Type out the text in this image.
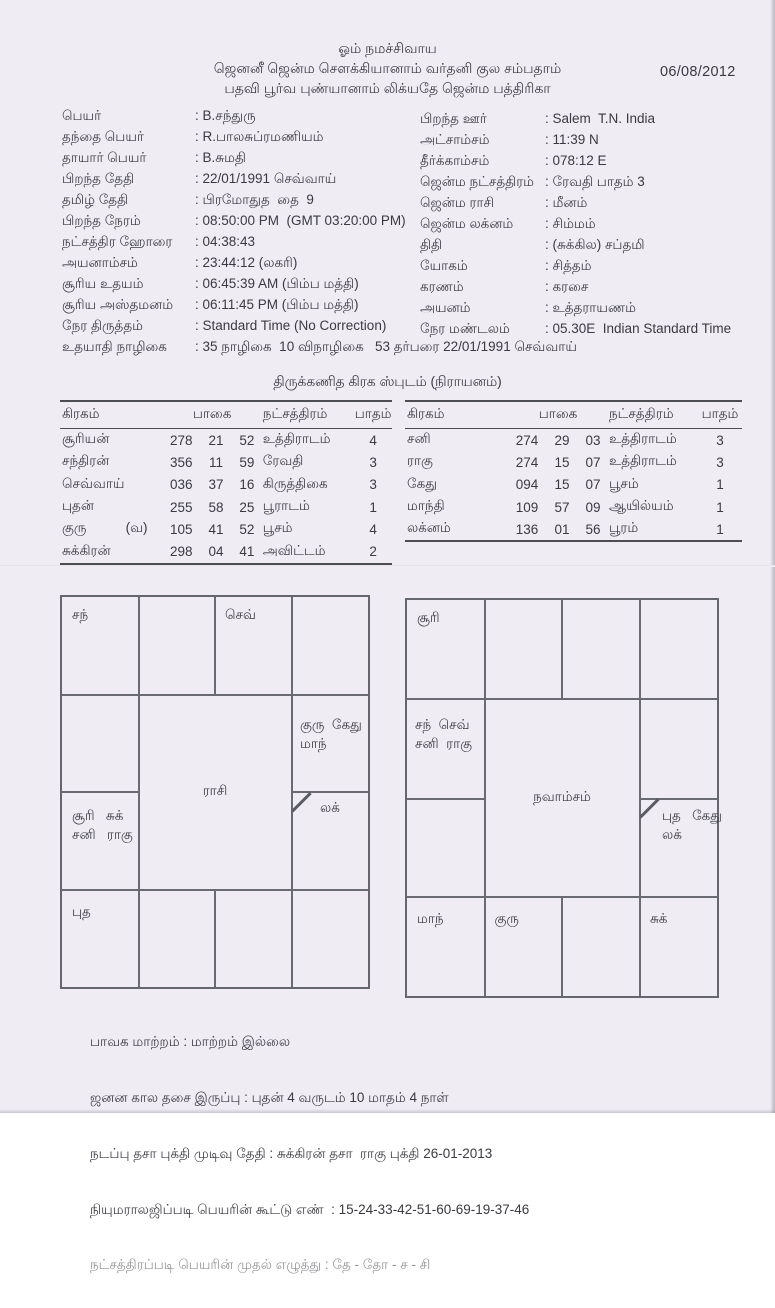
ஓம் நமச்சிவாய
ஜெனனீ ஜென்ம சௌக்கியானாம் வர்தனி குல சம்பதாம்
பதவி பூர்வ புண்யானாம் லிக்யதே ஜென்ம பத்திரிகா
06/08/2012
பெயர்	: B.சந்துரு
தந்தை பெயர்	: R.பாலசுப்ரமணியம்
தாயார் பெயர்	: B.சுமதி
பிறந்த தேதி	: 22/01/1991 செவ்வாய்
தமிழ் தேதி	: பிரமோதுத  தை  9
பிறந்த நேரம்	: 08:50:00 PM  (GMT 03:20:00 PM)
நட்சத்திர ஹோரை	: 04:38:43
அயனாம்சம்	: 23:44:12 (லகரி)
சூரிய உதயம்	: 06:45:39 AM (பிம்ப மத்தி)
சூரிய அஸ்தமனம்	: 06:11:45 PM (பிம்ப மத்தி)
நேர திருத்தம்	: Standard Time (No Correction)
உதயாதி நாழிகை	: 35 நாழிகை  10 விநாழிகை   53 தர்பரை 22/01/1991 செவ்வாய்
பிறந்த ஊர்	: Salem  T.N. India
அட்சாம்சம்	: 11:39 N
தீர்க்காம்சம்	: 078:12 E
ஜென்ம நட்சத்திரம் : ரேவதி பாதம் 3
ஜென்ம ராசி	: மீனம்
ஜென்ம லக்னம்	: சிம்மம்
திதி	: (சுக்கில) சப்தமி
யோகம்	: சித்தம்
கரணம்	: கரசை
அயனம்	: உத்தராயணம்
நேர மண்டலம்	: 05.30E  Indian Standard Time
திருக்கணித கிரக ஸ்புடம் (நிராயனம்)
கிரகம்	பாகை	நட்சத்திரம்	பாதம்
சூரியன்	278	21	52 உத்திராடம்	4
சந்திரன்	356	11	59 ரேவதி	3
செவ்வாய்	036	37	16 கிருத்திகை	3
புதன்	255	58	25 பூராடம்	1
குரு	(வ)	105	41	52 பூசம்	4
சுக்கிரன்	298	04	41 அவிட்டம்	2
கிரகம்	பாகை	நட்சத்திரம்	பாதம்
சனி	274	29	03 உத்திராடம்	3
ராகு	274	15	07 உத்திராடம்	3
கேது	094	15	07 பூசம்	1
மாந்தி	109	57	09 ஆயில்யம்	1
லக்னம்	136	01	56 பூரம்	1
சந்	செவ்
குரு  கேது
மாந்
சூரி   சுக்
சனி   ராகு
லக்
புத
ராசி
சூரி
சந்  செவ்
சனி  ராகு
புத   கேது
லக்
மாந்	குரு	சுக்
நவாம்சம்

பாவக மாற்றம் : மாற்றம் இல்லை

ஜனன கால தசை இருப்பு : புதன் 4 வருடம் 10 மாதம் 4 நாள்

நடப்பு தசா புக்தி முடிவு தேதி : சுக்கிரன் தசா  ராகு புக்தி 26-01-2013

நியுமராலஜிப்படி பெயரின் கூட்டு எண்  : 15-24-33-42-51-60-69-19-37-46

நட்சத்திரப்படி பெயரின் முதல் எழுத்து : தே - தோ - ச - சி
